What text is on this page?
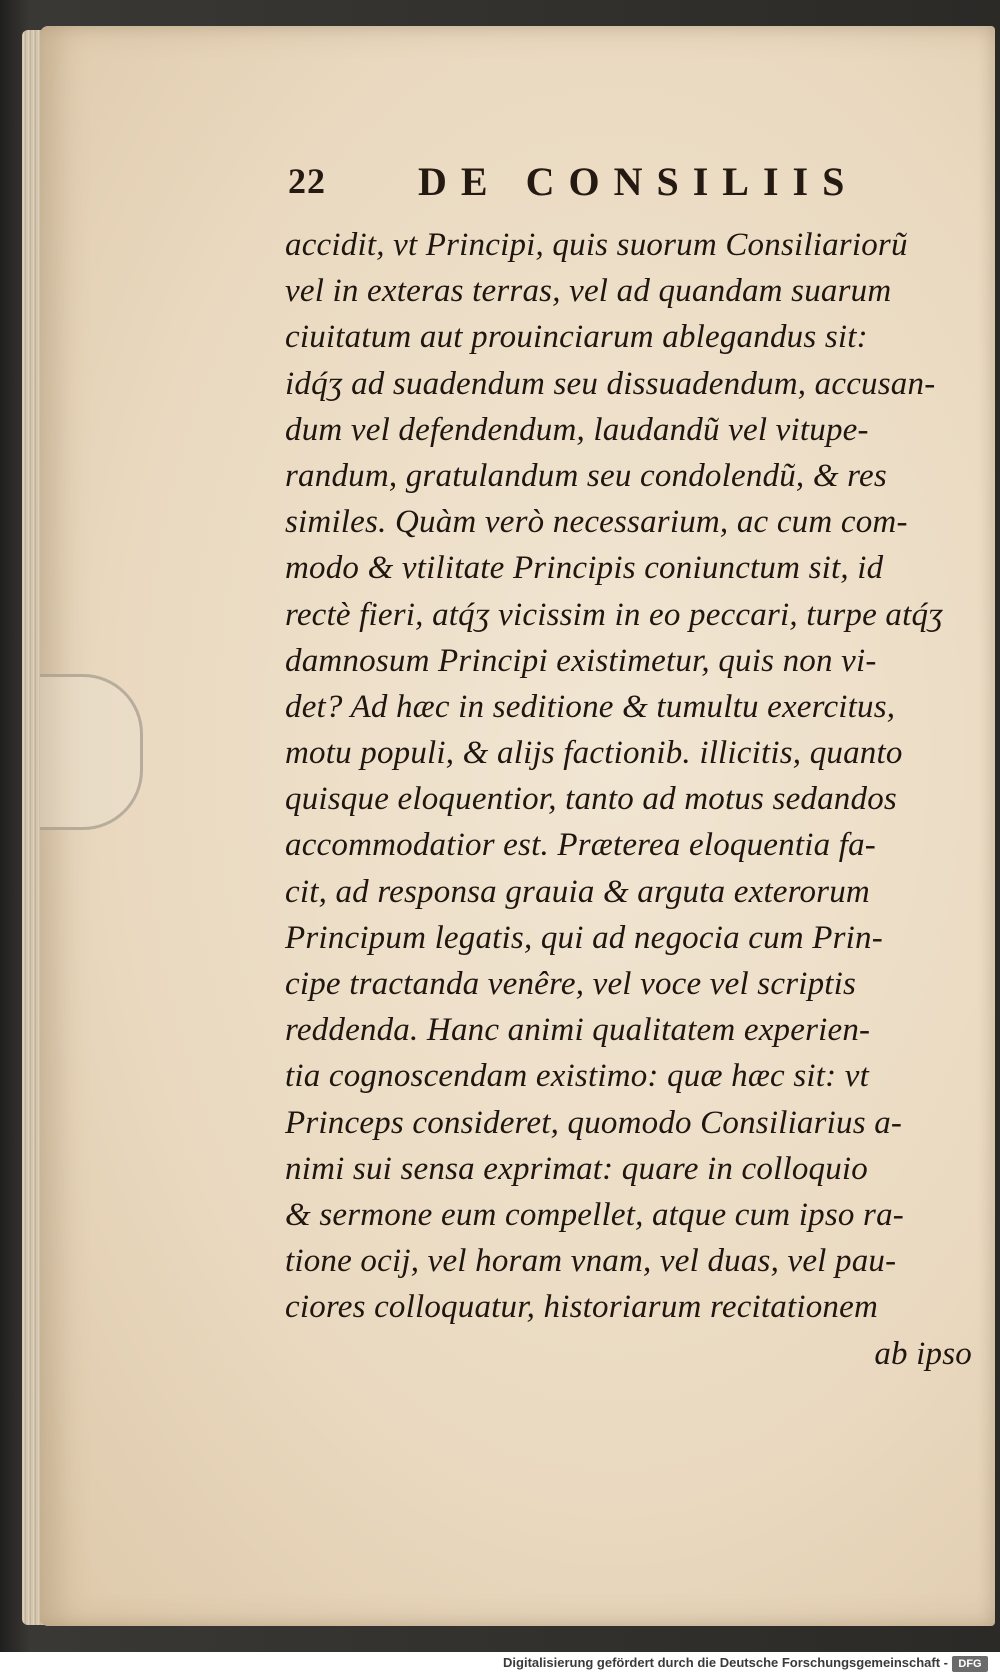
22 DE CONSILIIS
accidit, vt Principi, quis suorum Consiliariorũ
vel in exteras terras, vel ad quandam suarum
ciuitatum aut prouinciarum ablegandus sit:
idq́ʒ ad suadendum seu dissuadendum, accusan-
dum vel defendendum, laudandũ vel vitupe-
randum, gratulandum seu condolendũ, & res
similes. Quàm verò necessarium, ac cum com-
modo & vtilitate Principis coniunctum sit, id
rectè fieri, atq́ʒ vicissim in eo peccari, turpe atq́ʒ
damnosum Principi existimetur, quis non vi-
det? Ad hæc in seditione & tumultu exercitus,
motu populi, & alijs factionib. illicitis, quanto
quisque eloquentior, tanto ad motus sedandos
accommodatior est. Præterea eloquentia fa-
cit, ad responsa grauia & arguta exterorum
Principum legatis, qui ad negocia cum Prin-
cipe tractanda venêre, vel voce vel scriptis
reddenda. Hanc animi qualitatem experien-
tia cognoscendam existimo: quæ hæc sit: vt
Princeps consideret, quomodo Consiliarius a-
nimi sui sensa exprimat: quare in colloquio
& sermone eum compellet, atque cum ipso ra-
tione ocij, vel horam vnam, vel duas, vel pau-
ciores colloquatur, historiarum recitationem
ab ipso
Digitalisierung gefördert durch die Deutsche Forschungsgemeinschaft - DFG
